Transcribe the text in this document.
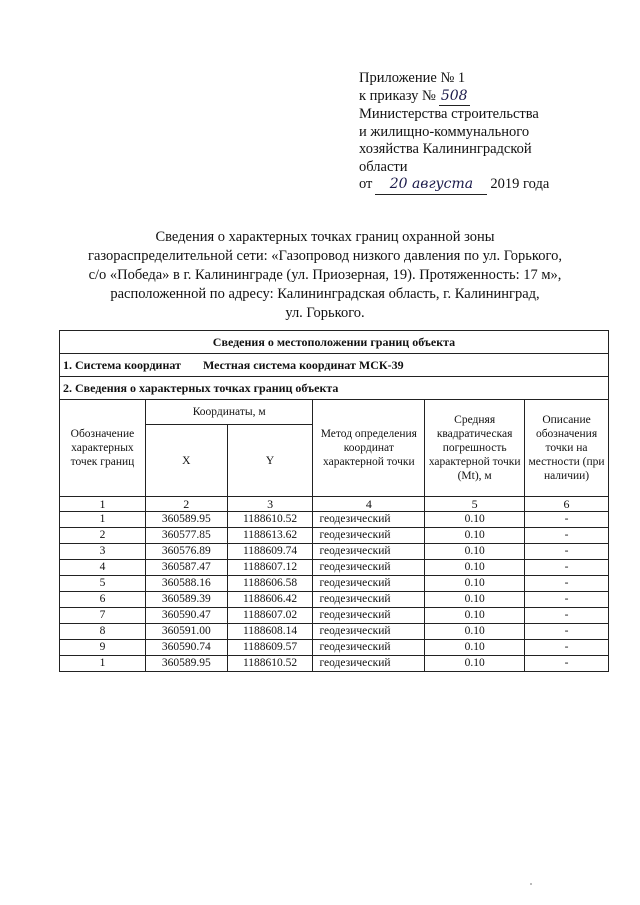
Приложение № 1
к приказу № 508
Министерства строительства
и жилищно-коммунального
хозяйства Калининградской
области
от 20 августа 2019 года
Сведения о характерных точках границ охранной зоны
газораспределительной сети: «Газопровод низкого давления по ул. Горького,
с/о «Победа» в г. Калининграде (ул. Приозерная, 19). Протяженность: 17 м»,
расположенной по адресу: Калининградская область, г. Калининград,
ул. Горького.
Сведения о местоположении границ объекта					
1. Система координат Местная система координат МСК-39					
2. Сведения о характерных точках границ объекта					
Обозначение характерных точек границ	Координаты, м		Метод определения координат характерной точки	Средняя квадратическая погрешность характерной точки (Mt), м	Описание обозначения точки на местности (при наличии)
	X	Y			
1	2	3	4	5	6
1	360589.95	1188610.52	геодезический	0.10	-
2	360577.85	1188613.62	геодезический	0.10	-
3	360576.89	1188609.74	геодезический	0.10	-
4	360587.47	1188607.12	геодезический	0.10	-
5	360588.16	1188606.58	геодезический	0.10	-
6	360589.39	1188606.42	геодезический	0.10	-
7	360590.47	1188607.02	геодезический	0.10	-
8	360591.00	1188608.14	геодезический	0.10	-
9	360590.74	1188609.57	геодезический	0.10	-
1	360589.95	1188610.52	геодезический	0.10	-
